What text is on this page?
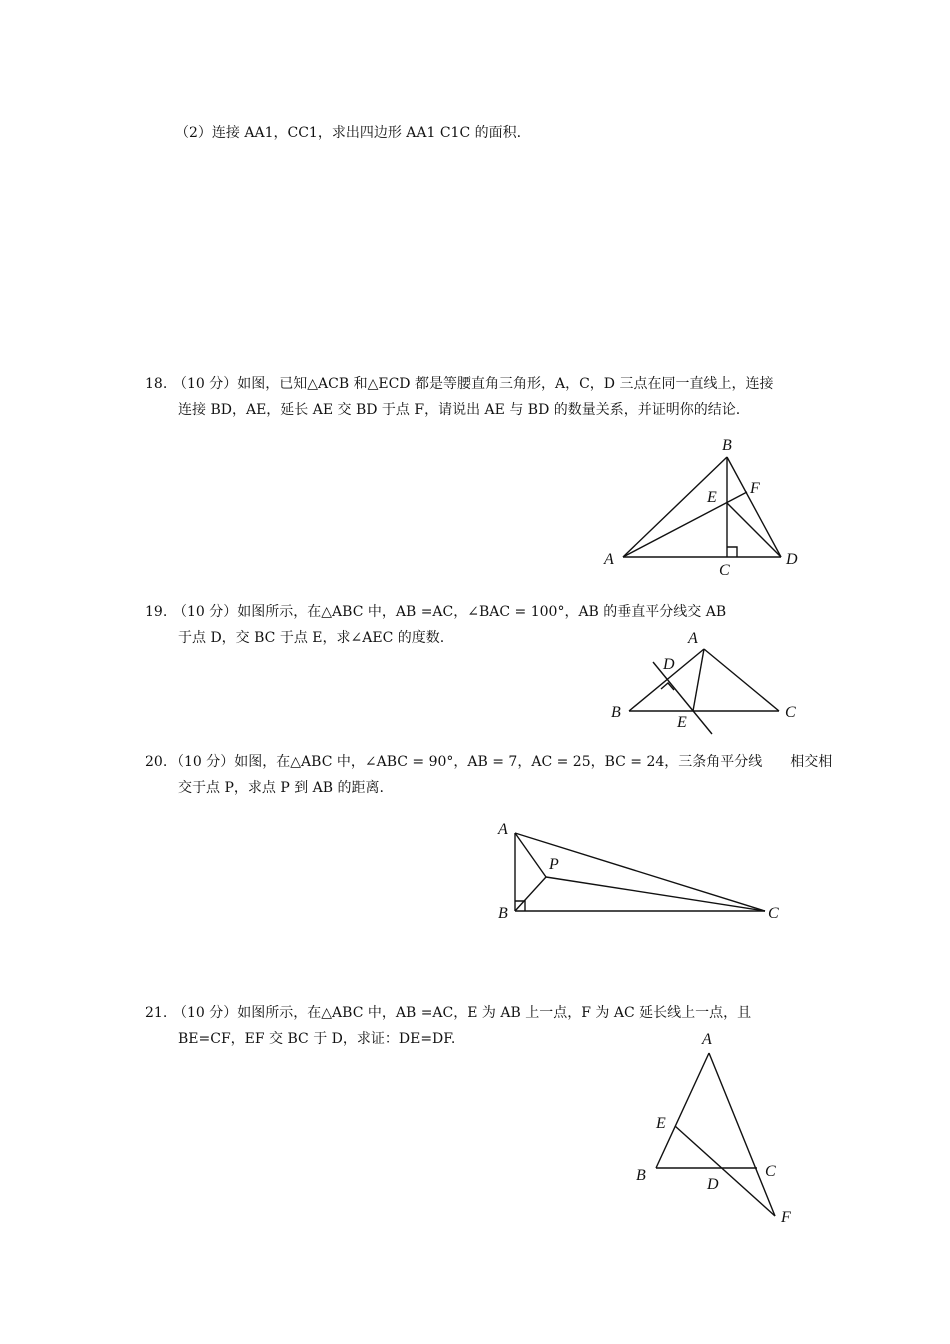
（2）连接 AA1，CC1，求出四边形 AA1 C1C 的面积.
18. （10 分）如图，已知△ACB 和△ECD 都是等腰直角三角形，A，C，D 三点在同一直线上，连接
连接 BD，AE，延长 AE 交 BD 于点 F，请说出 AE 与 BD 的数量关系，并证明你的结论.
19. （10 分）如图所示，在△ABC 中，AB =AC，∠BAC = 100°，AB 的垂直平分线交 AB
于点 D，交 BC 于点 E，求∠AEC 的度数.
20. （10 分）如图，在△ABC 中，∠ABC = 90°，AB = 7，AC = 25，BC = 24，三条角平分线　　相交相
交于点 P，求点 P 到 AB 的距离.
21. （10 分）如图所示，在△ABC 中，AB =AC，E 为 AB 上一点，F 为 AC 延长线上一点，且
BE=CF，EF 交 BC 于 D，求证：DE=DF.
B
F
E
A	D
C
A
D
B
E
C
A
P
B	C
A
E
B	C
D
F
